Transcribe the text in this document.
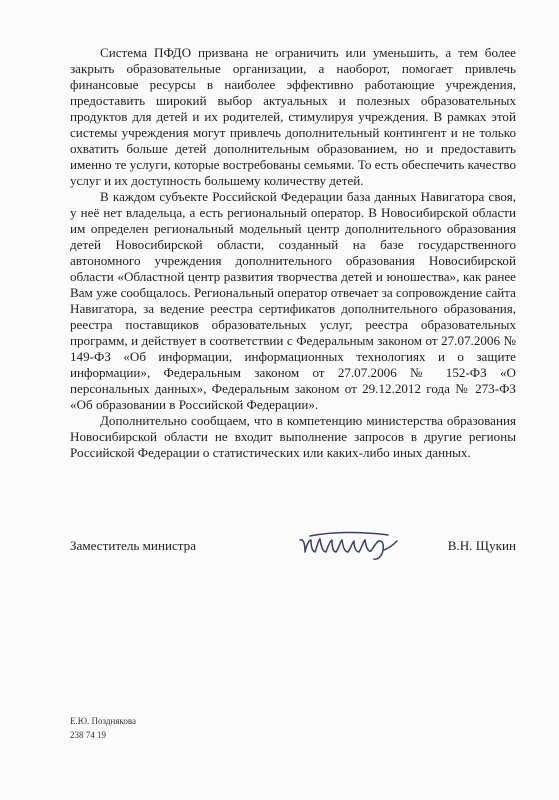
Система ПФДО призвана не ограничить или уменьшить, а тем более закрыть образовательные организации, а наоборот, помогает привлечь финансовые ресурсы в наиболее эффективно работающие учреждения, предоставить широкий выбор актуальных и полезных образовательных продуктов для детей и их родителей, стимулируя учреждения. В рамках этой системы учреждения могут привлечь дополнительный контингент и не только охватить больше детей дополнительным образованием, но и предоставить именно те услуги, которые востребованы семьями. То есть обеспечить качество услуг и их доступность большему количеству детей.

В каждом субъекте Российской Федерации база данных Навигатора своя, у неё нет владельца, а есть региональный оператор. В Новосибирской области им определен региональный модельный центр дополнительного образования детей Новосибирской области, созданный на базе государственного автономного учреждения дополнительного образования Новосибирской области «Областной центр развития творчества детей и юношества», как ранее Вам уже сообщалось. Региональный оператор отвечает за сопровождение сайта Навигатора, за ведение реестра сертификатов дополнительного образования, реестра поставщиков образовательных услуг, реестра образовательных программ, и действует в соответствии с Федеральным законом от 27.07.2006 № 149-ФЗ «Об информации, информационных технологиях и о защите информации», Федеральным законом от 27.07.2006 № 152-ФЗ «О персональных данных», Федеральным законом от 29.12.2012 года № 273-ФЗ «Об образовании в Российской Федерации».

Дополнительно сообщаем, что в компетенцию министерства образования Новосибирской области не входит выполнение запросов в другие регионы Российской Федерации о статистических или каких-либо иных данных.

Заместитель министра	В.Н. Щукин
Е.Ю. Позднякова
238 74 19
